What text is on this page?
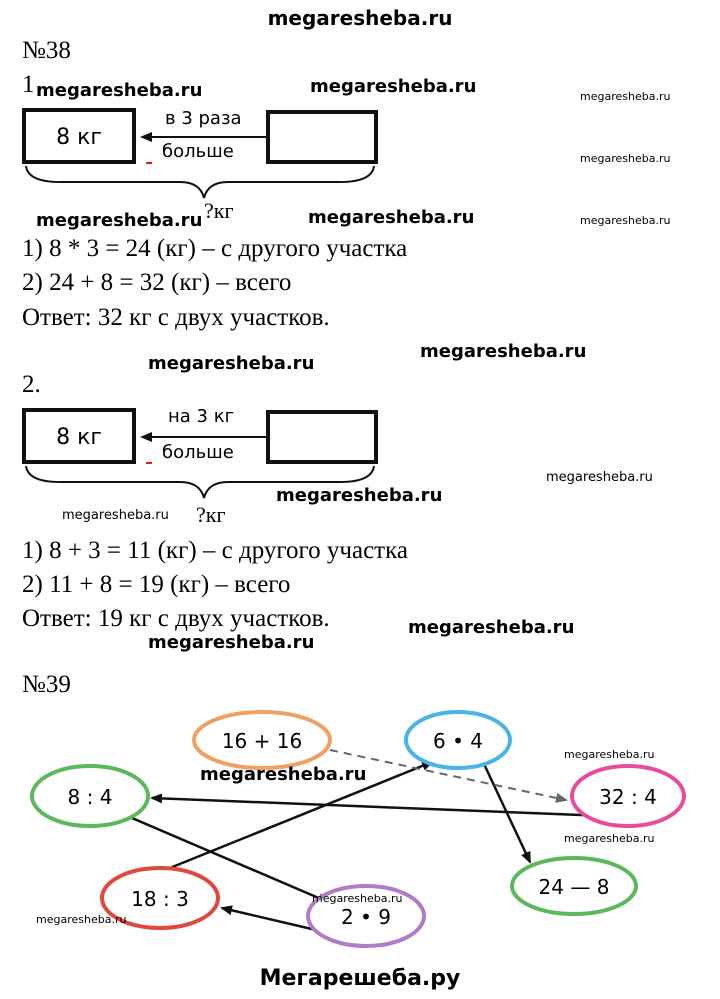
megaresheba.ru
№38
1
8 кг
в 3 раза
больше
?кг
1) 8 * 3 = 24 (кг) – с другого участка
2) 24 + 8 = 32 (кг) – всего
Ответ: 32 кг с двух участков.
2.
8 кг
на 3 кг
больше
?кг
1) 8 + 3 = 11 (кг) – с другого участка
2) 11 + 8 = 19 (кг) – всего
Ответ: 19 кг с двух участков.
№39
16 + 16	6 • 4
8 : 4	32 : 4
24 — 8
18 : 3
2 • 9
megaresheba.ru	megaresheba.ru	megaresheba.ru
megaresheba.ru
megaresheba.ru	megaresheba.ru	megaresheba.ru
megaresheba.ru
megaresheba.ru
megaresheba.ru
megaresheba.ru
megaresheba.ru
megaresheba.ru
megaresheba.ru
megaresheba.ru
megaresheba.ru
megaresheba.ru
megaresheba.ru
megaresheba.ru
Мегарешеба.ру
